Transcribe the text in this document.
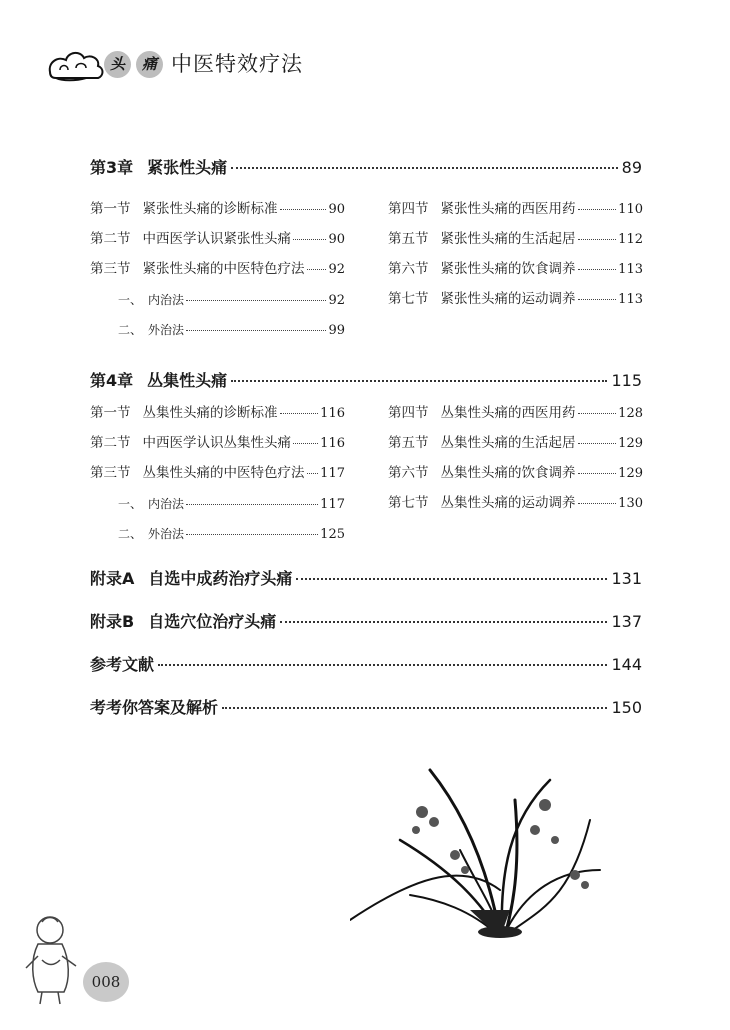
头	痛 中医特效疗法
第3章 紧张性头痛	89
第一节 紧张性头痛的诊断标准	90
第二节 中西医学认识紧张性头痛	90
第三节 紧张性头痛的中医特色疗法 92
一、 内治法	92
二、 外治法	99
第四节 紧张性头痛的西医用药	110
第五节 紧张性头痛的生活起居	112
第六节 紧张性头痛的饮食调养	113
第七节 紧张性头痛的运动调养	113
第4章 丛集性头痛	115
第一节 丛集性头痛的诊断标准	116
第二节 中西医学认识丛集性头痛 116
第三节 丛集性头痛的中医特色疗法 117
一、 内治法	117
二、 外治法	125
第四节 丛集性头痛的西医用药	128
第五节 丛集性头痛的生活起居	129
第六节 丛集性头痛的饮食调养	129
第七节 丛集性头痛的运动调养	130
附录A 自选中成药治疗头痛	131
附录B 自选穴位治疗头痛	137
参考文献	144
考考你答案及解析	150
008
